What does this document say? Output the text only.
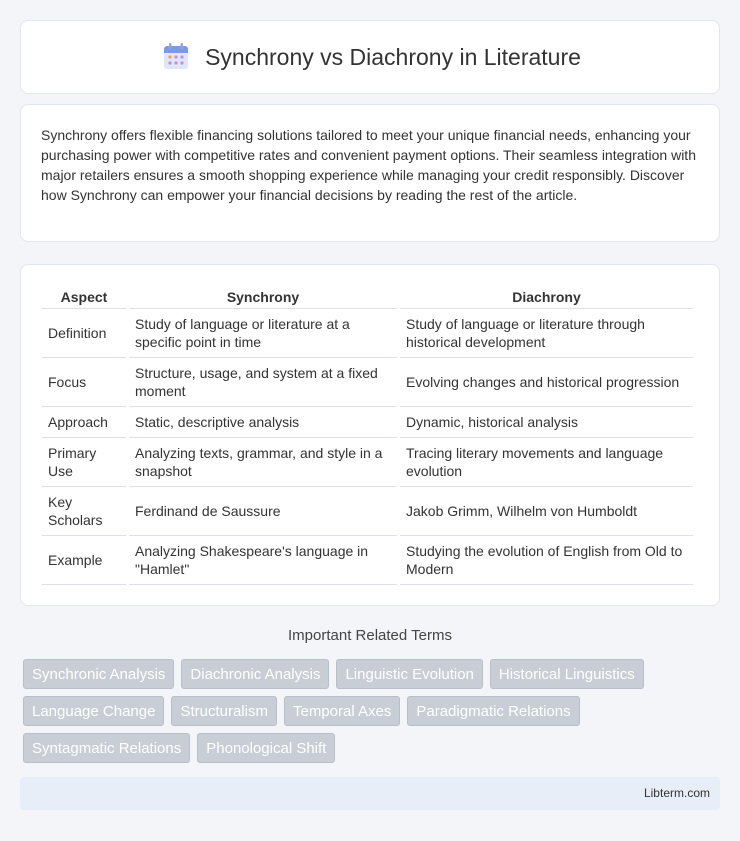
Synchrony vs Diachrony in Literature

Synchrony offers flexible financing solutions tailored to meet your unique financial needs, enhancing your purchasing power with competitive rates and convenient payment options. Their seamless integration with major retailers ensures a smooth shopping experience while managing your credit responsibly. Discover how Synchrony can empower your financial decisions by reading the rest of the article.

Aspect	Synchrony	Diachrony
Definition	Study of language or literature at a specific point in time	Study of language or literature through historical development
Focus	Structure, usage, and system at a fixed moment	Evolving changes and historical progression
Approach	Static, descriptive analysis	Dynamic, historical analysis
Primary Use	Analyzing texts, grammar, and style in a snapshot	Tracing literary movements and language evolution
Key Scholars	Ferdinand de Saussure	Jakob Grimm, Wilhelm von Humboldt
Example	Analyzing Shakespeare's language in "Hamlet"	Studying the evolution of English from Old to Modern
Important Related Terms
Synchronic Analysis	Diachronic Analysis	Linguistic Evolution	Historical Linguistics
Language Change	Structuralism	Temporal Axes	Paradigmatic Relations
Syntagmatic Relations	Phonological Shift
Libterm.com
